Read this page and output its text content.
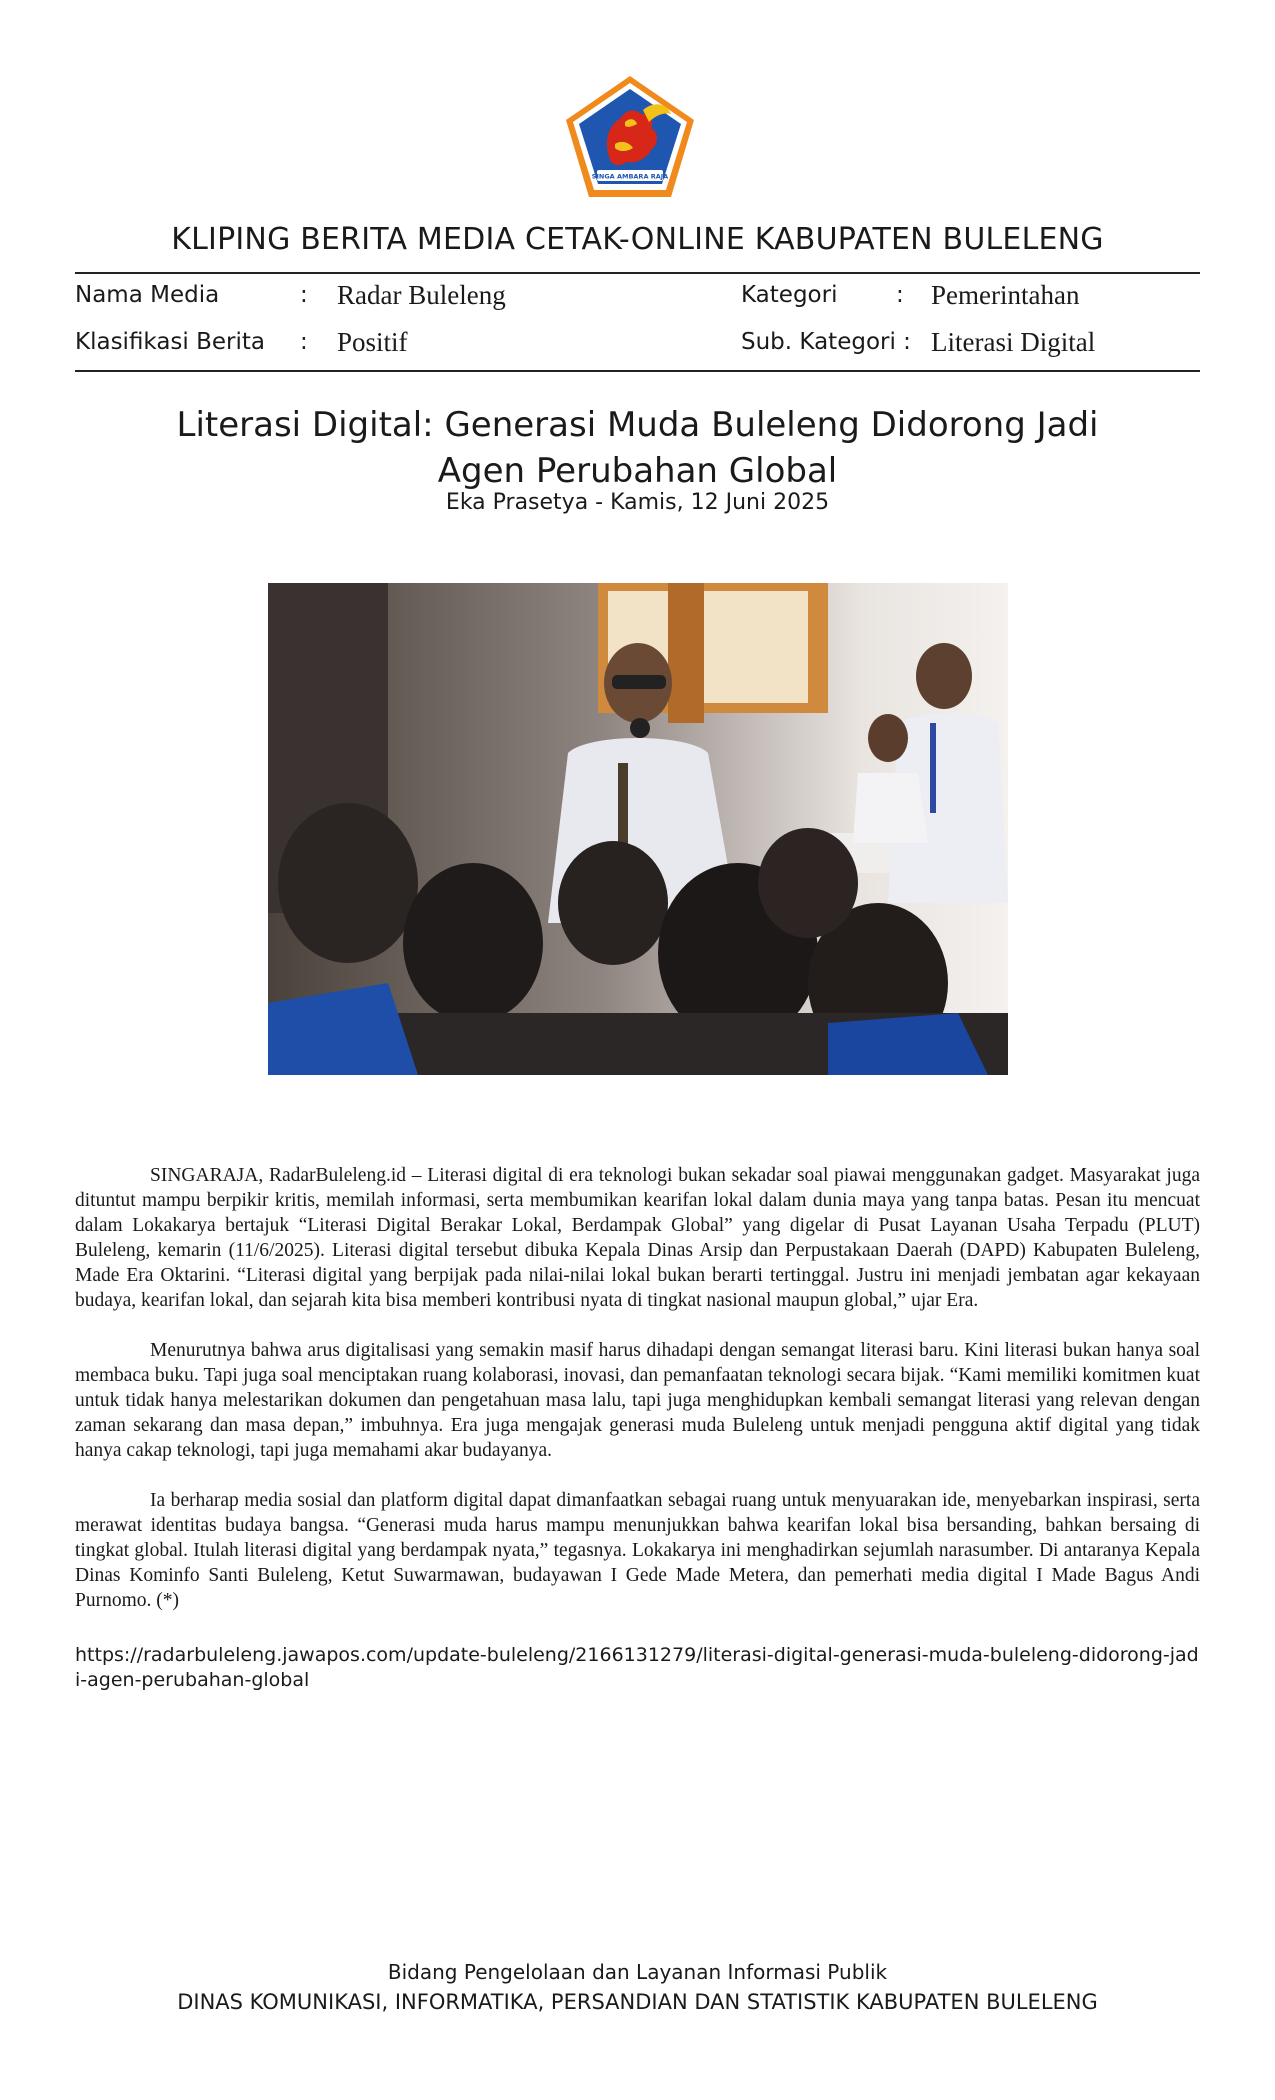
SINGA AMBARA RAJA
KLIPING BERITA MEDIA CETAK-ONLINE KABUPATEN BULELENG
Nama Media	: Radar Buleleng	Kategori	: Pemerintahan
Klasifikasi Berita : Positif	Sub. Kategori : Literasi Digital
Literasi Digital: Generasi Muda Buleleng Didorong Jadi
Agen Perubahan Global
Eka Prasetya - Kamis, 12 Juni 2025

SINGARAJA, RadarBuleleng.id – Literasi digital di era teknologi bukan sekadar soal piawai menggunakan gadget. Masyarakat juga dituntut mampu berpikir kritis, memilah informasi, serta membumikan kearifan lokal dalam dunia maya yang tanpa batas. Pesan itu mencuat dalam Lokakarya bertajuk “Literasi Digital Berakar Lokal, Berdampak Global” yang digelar di Pusat Layanan Usaha Terpadu (PLUT) Buleleng, kemarin (11/6/2025). Literasi digital tersebut dibuka Kepala Dinas Arsip dan Perpustakaan Daerah (DAPD) Kabupaten Buleleng, Made Era Oktarini. “Literasi digital yang berpijak pada nilai-nilai lokal bukan berarti tertinggal. Justru ini menjadi jembatan agar kekayaan budaya, kearifan lokal, dan sejarah kita bisa memberi kontribusi nyata di tingkat nasional maupun global,” ujar Era.

Menurutnya bahwa arus digitalisasi yang semakin masif harus dihadapi dengan semangat literasi baru. Kini literasi bukan hanya soal membaca buku. Tapi juga soal menciptakan ruang kolaborasi, inovasi, dan pemanfaatan teknologi secara bijak. “Kami memiliki komitmen kuat untuk tidak hanya melestarikan dokumen dan pengetahuan masa lalu, tapi juga menghidupkan kembali semangat literasi yang relevan dengan zaman sekarang dan masa depan,” imbuhnya. Era juga mengajak generasi muda Buleleng untuk menjadi pengguna aktif digital yang tidak hanya cakap teknologi, tapi juga memahami akar budayanya.

Ia berharap media sosial dan platform digital dapat dimanfaatkan sebagai ruang untuk menyuarakan ide, menyebarkan inspirasi, serta merawat identitas budaya bangsa. “Generasi muda harus mampu menunjukkan bahwa kearifan lokal bisa bersanding, bahkan bersaing di tingkat global. Itulah literasi digital yang berdampak nyata,” tegasnya. Lokakarya ini menghadirkan sejumlah narasumber. Di antaranya Kepala Dinas Kominfo Santi Buleleng, Ketut Suwarmawan, budayawan I Gede Made Metera, dan pemerhati media digital I Made Bagus Andi Purnomo. (*)

https://radarbuleleng.jawapos.com/update-buleleng/2166131279/literasi-digital-generasi-muda-buleleng-didorong-jadi-agen-perubahan-global
Bidang Pengelolaan dan Layanan Informasi Publik
DINAS KOMUNIKASI, INFORMATIKA, PERSANDIAN DAN STATISTIK KABUPATEN BULELENG
